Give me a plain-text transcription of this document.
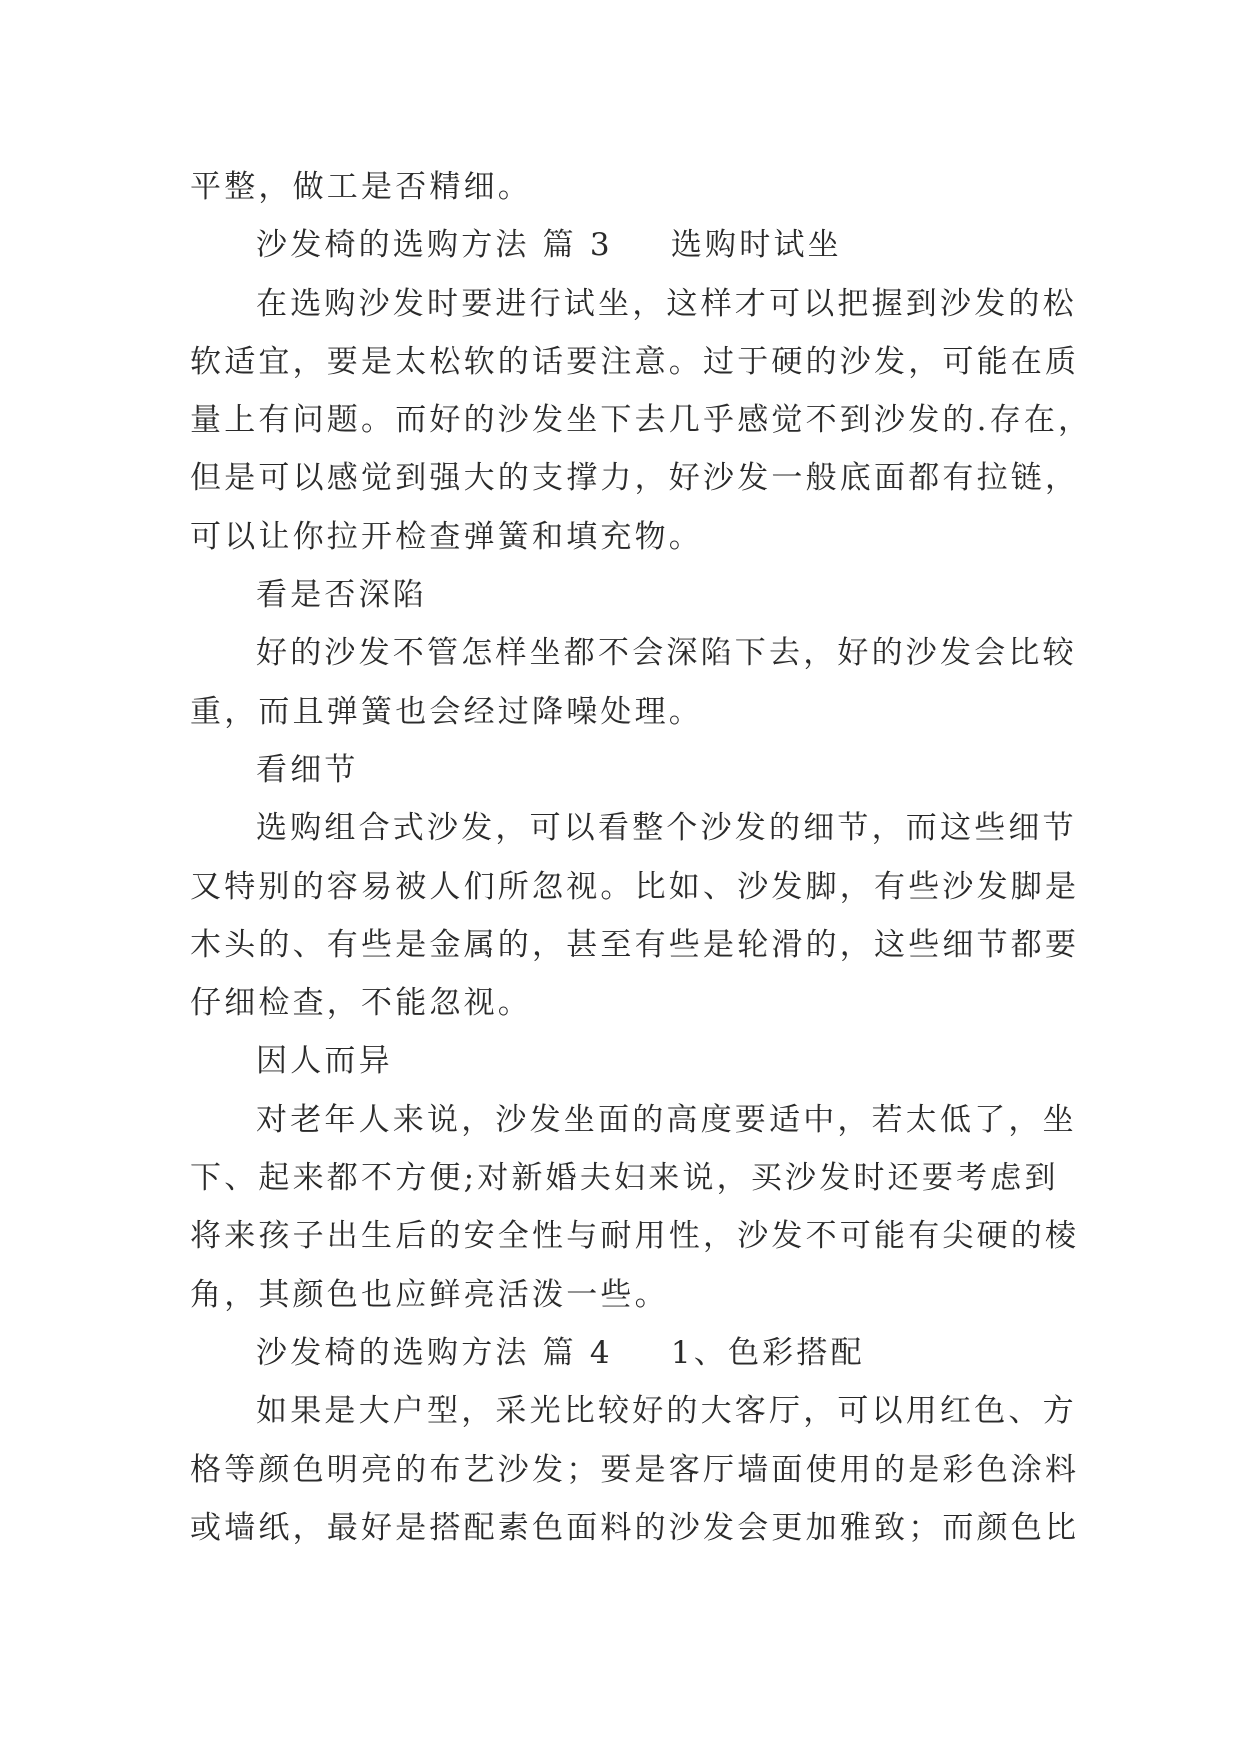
平整，做工是否精细。
沙发椅的选购方法 篇 3 选购时试坐
在选购沙发时要进行试坐，这样才可以把握到沙发的松
软适宜，要是太松软的话要注意。过于硬的沙发，可能在质
量上有问题。而好的沙发坐下去几乎感觉不到沙发的.存在，
但是可以感觉到强大的支撑力，好沙发一般底面都有拉链，
可以让你拉开检查弹簧和填充物。
看是否深陷
好的沙发不管怎样坐都不会深陷下去，好的沙发会比较
重，而且弹簧也会经过降噪处理。
看细节
选购组合式沙发，可以看整个沙发的细节，而这些细节
又特别的容易被人们所忽视。比如、沙发脚，有些沙发脚是
木头的、有些是金属的，甚至有些是轮滑的，这些细节都要
仔细检查，不能忽视。
因人而异
对老年人来说，沙发坐面的高度要适中，若太低了，坐
下、起来都不方便;对新婚夫妇来说，买沙发时还要考虑到
将来孩子出生后的安全性与耐用性，沙发不可能有尖硬的棱
角，其颜色也应鲜亮活泼一些。
沙发椅的选购方法 篇 4 1、色彩搭配
如果是大户型，采光比较好的大客厅，可以用红色、方
格等颜色明亮的布艺沙发；要是客厅墙面使用的是彩色涂料
或墙纸，最好是搭配素色面料的沙发会更加雅致；而颜色比
